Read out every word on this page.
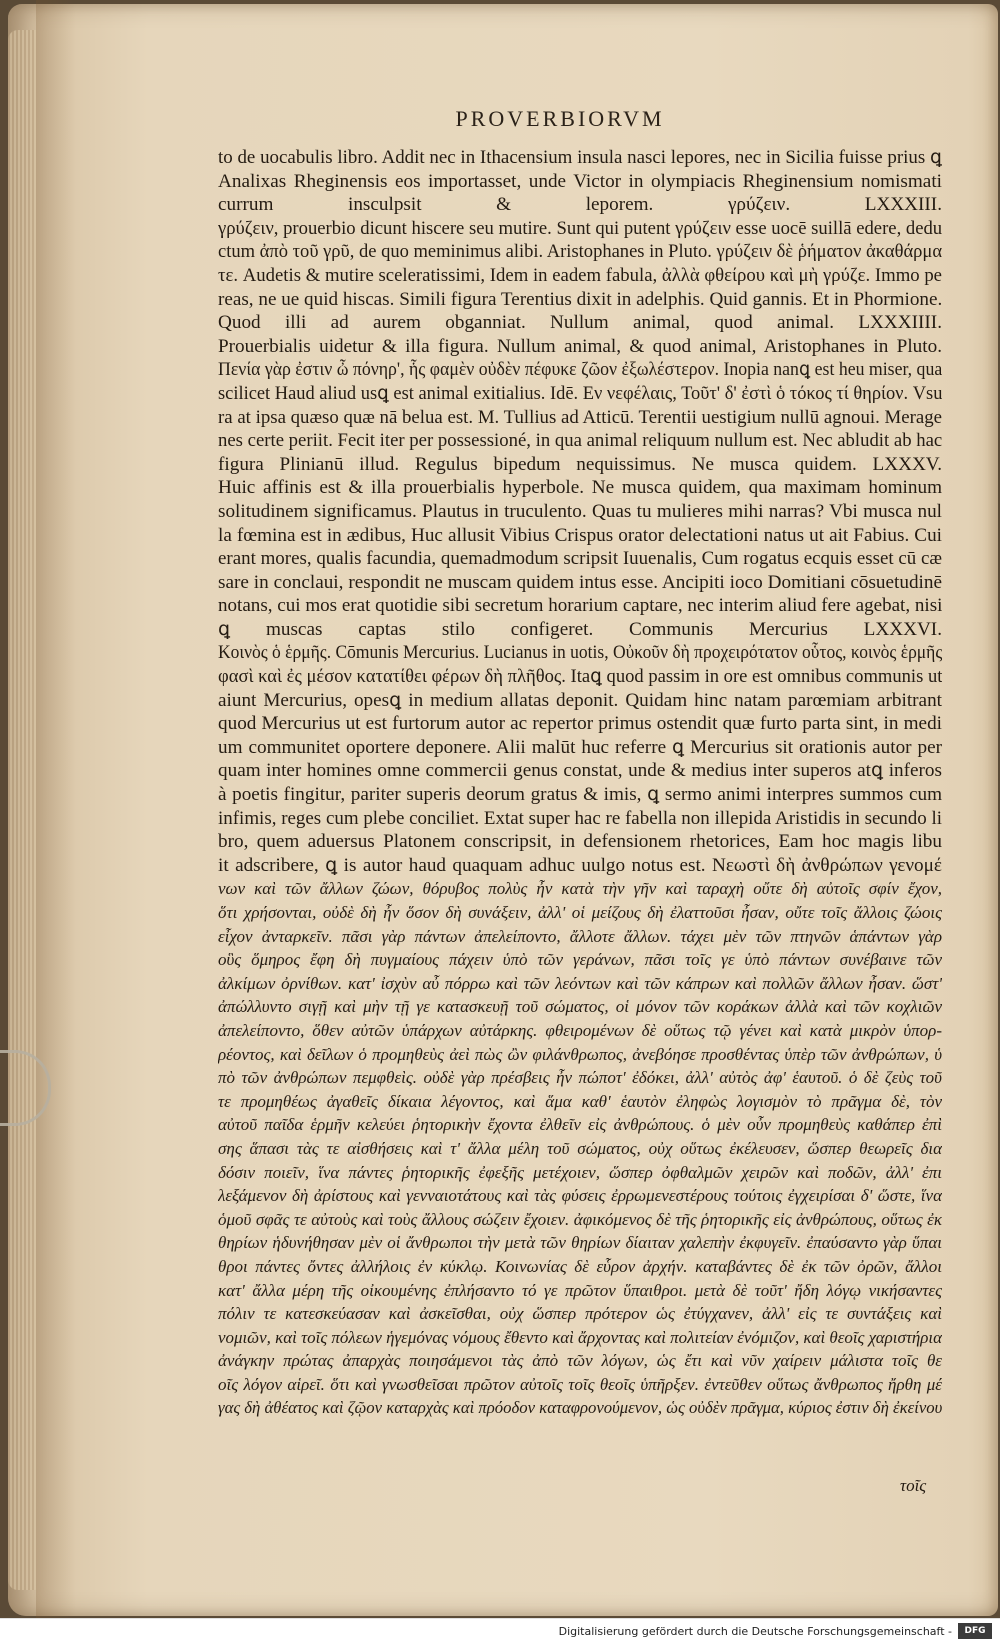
PROVERBIORVM
to de uocabulis libro. Addit nec in Ithacensium insula nasci lepores, nec in Sicilia fuisse prius ꝗ
Analixas Rheginensis eos importasset, unde Victor in olympiacis Rheginensium nomismati
currum insculpsit & leporem. γρύζειν. LXXXIII.
γρύζειν, prouerbio dicunt hiscere seu mutire. Sunt qui putent γρύζειν esse uocē suillā edere, dedu
ctum ἀπὸ τοῦ γρῦ, de quo meminimus alibi. Aristophanes in Pluto. γρύζειν δὲ ῥήματον ἀκαθάρμα
τε. Audetis & mutire sceleratissimi, Idem in eadem fabula, ἀλλὰ φθείρου καὶ μὴ γρύζε. Immo pe
reas, ne ue quid hiscas. Simili figura Terentius dixit in adelphis. Quid gannis. Et in Phormione.
Quod illi ad aurem obganniat. Nullum animal, quod animal. LXXXIIII.
Prouerbialis uidetur & illa figura. Nullum animal, & quod animal, Aristophanes in Pluto.
Πενία γὰρ ἐστιν ὦ πόνηρ', ἧς φαμὲν οὐδὲν πέφυκε ζῶον ἐξωλέστερον. Inopia nanꝗ est heu miser, qua
scilicet Haud aliud usꝗ est animal exitialius. Idē. Εν νεφέλαις, Τοῦτ' δ' ἐστὶ ὁ τόκος τί θηρίον. Vsu
ra at ipsa quæso quæ nā belua est. M. Tullius ad Atticū. Terentii uestigium nullū agnoui. Merage
nes certe periit. Fecit iter per possessioné, in qua animal reliquum nullum est. Nec abludit ab hac
figura Plinianū illud. Regulus bipedum nequissimus. Ne musca quidem. LXXXV.
Huic affinis est & illa prouerbialis hyperbole. Ne musca quidem, qua maximam hominum
solitudinem significamus. Plautus in truculento. Quas tu mulieres mihi narras? Vbi musca nul
la fœmina est in ædibus, Huc allusit Vibius Crispus orator delectationi natus ut ait Fabius. Cui
erant mores, qualis facundia, quemadmodum scripsit Iuuenalis, Cum rogatus ecquis esset cū cæ
sare in conclaui, respondit ne muscam quidem intus esse. Ancipiti ioco Domitiani cōsuetudinē
notans, cui mos erat quotidie sibi secretum horarium captare, nec interim aliud fere agebat, nisi
ꝗ muscas captas stilo configeret. Communis Mercurius LXXXVI.
Κοινὸς ὁ ἑρμῆς. Cōmunis Mercurius. Lucianus in uotis, Οὐκοῦν δὴ προχειρότατον οὗτος, κοινὸς ἑρμῆς
φασὶ καὶ ἐς μέσον κατατίθει φέρων δὴ πλῆθος. Itaꝗ quod passim in ore est omnibus communis ut
aiunt Mercurius, opesꝗ in medium allatas deponit. Quidam hinc natam parœmiam arbitrant
quod Mercurius ut est furtorum autor ac repertor primus ostendit quæ furto parta sint, in medi
um communitet oportere deponere. Alii malūt huc referre ꝗ Mercurius sit orationis autor per
quam inter homines omne commercii genus constat, unde & medius inter superos atꝗ inferos
à poetis fingitur, pariter superis deorum gratus & imis, ꝗ sermo animi interpres summos cum
infimis, reges cum plebe conciliet. Extat super hac re fabella non illepida Aristidis in secundo li
bro, quem aduersus Platonem conscripsit, in defensionem rhetorices, Eam hoc magis libu
it adscribere, ꝗ is autor haud quaquam adhuc uulgo notus est. Νεωστὶ δὴ ἀνθρώπων γενομέ
νων καὶ τῶν ἄλλων ζώων, θόρυβος πολὺς ἦν κατὰ τὴν γῆν καὶ ταραχὴ οὔτε δὴ αὐτοῖς σφίν ἔχον,
ὅτι χρήσονται, οὐδὲ δὴ ἦν ὅσον δὴ συνάξειν, ἀλλ' οἱ μείζους δὴ ἐλαττοῦσι ἦσαν, οὔτε τοῖς ἄλλοις ζώοις
εἶχον ἀνταρκεῖν. πᾶσι γὰρ πάντων ἀπελείποντο, ἄλλοτε ἄλλων. τάχει μὲν τῶν πτηνῶν ἁπάντων γὰρ
οὓς ὅμηρος ἔφη δὴ πυγμαίους πάχειν ὑπὸ τῶν γεράνων, πᾶσι τοῖς γε ὑπὸ πάντων συνέβαινε τῶν
ἀλκίμων ὀρνίθων. κατ' ἰσχὺν αὖ πόρρω καὶ τῶν λεόντων καὶ τῶν κάπρων καὶ πολλῶν ἄλλων ἦσαν. ὥστ'
ἀπώλλυντο σιγῇ καὶ μὴν τῇ γε κατασκευῇ τοῦ σώματος, οἱ μόνον τῶν κοράκων ἀλλὰ καὶ τῶν κοχλιῶν
ἀπελείποντο, ὅθεν αὐτῶν ὑπάρχων αὐτάρκης. φθειρομένων δὲ οὕτως τῷ γένει καὶ κατὰ μικρὸν ὑπορ-
ρέοντος, καὶ δεῖλων ὁ προμηθεὺς ἀεὶ πὼς ὢν φιλάνθρωπος, ἀνεβόησε προσθέντας ὑπὲρ τῶν ἀνθρώπων, ὑ
πὸ τῶν ἀνθρώπων πεμφθεὶς. οὐδὲ γὰρ πρέσβεις ἦν πώποτ' ἐδόκει, ἀλλ' αὐτὸς ἀφ' ἑαυτοῦ. ὁ δὲ ζεὺς τοῦ
τε προμηθέως ἀγαθεῖς δίκαια λέγοντος, καὶ ἅμα καθ' ἑαυτὸν ἐληφὼς λογισμὸν τὸ πρᾶγμα δὲ, τὸν
αὐτοῦ παῖδα ἑρμῆν κελεύει ῥητορικὴν ἔχοντα ἐλθεῖν εἰς ἀνθρώπους. ὁ μὲν οὖν προμηθεὺς καθάπερ ἐπὶ
σης ἅπασι τὰς τε αἰσθήσεις καὶ τ' ἄλλα μέλη τοῦ σώματος, οὐχ οὕτως ἐκέλευσεν, ὥσπερ θεωρεῖς δια
δόσιν ποιεῖν, ἵνα πάντες ῥητορικῆς ἐφεξῆς μετέχοιεν, ὥσπερ ὀφθαλμῶν χειρῶν καὶ ποδῶν, ἀλλ' ἐπι
λεξάμενον δὴ ἀρίστους καὶ γενναιοτάτους καὶ τὰς φύσεις ἐρρωμενεστέρους τούτοις ἐγχειρίσαι δ' ὥστε, ἵνα
ὁμοῦ σφᾶς τε αὐτοὺς καὶ τοὺς ἄλλους σώζειν ἔχοιεν. ἀφικόμενος δὲ τῆς ῥητορικῆς εἰς ἀνθρώπους, οὕτως ἐκ
θηρίων ἡδυνήθησαν μὲν οἱ ἄνθρωποι τὴν μετὰ τῶν θηρίων δίαιταν χαλεπὴν ἐκφυγεῖν. ἐπαύσαντο γὰρ ὕπαι
θροι πάντες ὄντες ἀλλήλοις ἐν κύκλῳ. Κοινωνίας δὲ εὗρον ἀρχήν. καταβάντες δὲ ἐκ τῶν ὀρῶν, ἄλλοι
κατ' ἄλλα μέρη τῆς οἰκουμένης ἐπλήσαντο τό γε πρῶτον ὕπαιθροι. μετὰ δὲ τοῦτ' ἤδη λόγῳ νικήσαντες
πόλιν τε κατεσκεύασαν καὶ ἀσκεῖσθαι, οὐχ ὥσπερ πρότερον ὡς ἐτύγχανεν, ἀλλ' εἰς τε συντάξεις καὶ
νομιῶν, καὶ τοῖς πόλεων ἡγεμόνας νόμους ἔθεντο καὶ ἄρχοντας καὶ πολιτείαν ἐνόμιζον, καὶ θεοῖς χαριστήρια
ἀνάγκην πρώτας ἀπαρχὰς ποιησάμενοι τὰς ἀπὸ τῶν λόγων, ὡς ἔτι καὶ νῦν χαίρειν μάλιστα τοῖς θε
οῖς λόγον αἱρεῖ. ὅτι καὶ γνωσθεῖσαι πρῶτον αὐτοῖς τοῖς θεοῖς ὑπῆρξεν. ἐντεῦθεν οὕτως ἄνθρωπος ἤρθη μέ
γας δὴ ἀθέατος καὶ ζῷον καταρχὰς καὶ πρόοδον καταφρονούμενον, ὡς οὐδὲν πρᾶγμα, κύριος ἐστιν δὴ ἐκείνου
τοῖς
Digitalisierung gefördert durch die Deutsche Forschungsgemeinschaft -	DFG
